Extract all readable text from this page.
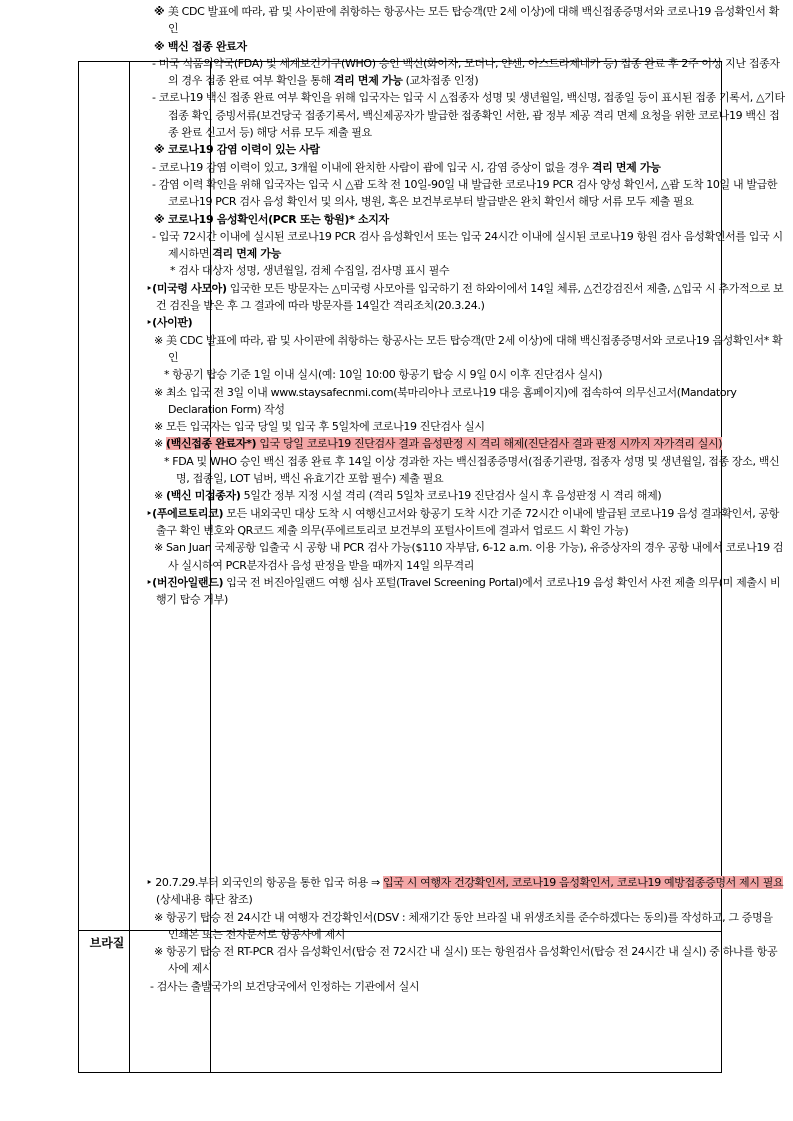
브라질

※ 美 CDC 발표에 따라, 괌 및 사이판에 취항하는 항공사는 모든 탑승객(만 2세 이상)에 대해 백신접종증명서와 코로나19 음성확인서 확인

※ 백신 접종 완료자

- 미국 식품의약국(FDA) 및 세계보건기구(WHO) 승인 백신(화이자, 모더나, 얀센, 아스트라제네카 등) 접종 완료 후 2주 이상 지난 접종자의 경우 접종 완료 여부 확인을 통해 격리 면제 가능 (교차접종 인정)

- 코로나19 백신 접종 완료 여부 확인을 위해 입국자는 입국 시 △접종자 성명 및 생년월일, 백신명, 접종일 등이 표시된 접종 기록서, △기타 접종 확인 증빙서류(보건당국 접종기록서, 백신제공자가 발급한 접종확인 서한, 괌 정부 제공 격리 면제 요청을 위한 코로나19 백신 접종 완료 신고서 등) 해당 서류 모두 제출 필요

※ 코로나19 감염 이력이 있는 사람

- 코로나19 감염 이력이 있고, 3개월 이내에 완치한 사람이 괌에 입국 시, 감염 증상이 없을 경우 격리 면제 가능

- 감염 이력 확인을 위해 입국자는 입국 시 △괌 도착 전 10일-90일 내 발급한 코로나19 PCR 검사 양성 확인서, △괌 도착 10일 내 발급한 코로나19 PCR 검사 음성 확인서 및 의사, 병원, 혹은 보건부로부터 발급받은 완치 확인서 해당 서류 모두 제출 필요

※ 코로나19 음성확인서(PCR 또는 항원)* 소지자

- 입국 72시간 이내에 실시된 코로나19 PCR 검사 음성확인서 또는 입국 24시간 이내에 실시된 코로나19 항원 검사 음성확인서를 입국 시 제시하면 격리 면제 가능

* 검사 대상자 성명, 생년월일, 검체 수집일, 검사명 표시 필수

‣(미국령 사모아) 입국한 모든 방문자는 △미국령 사모아를 입국하기 전 하와이에서 14일 체류, △건강검진서 제출, △입국 시 추가적으로 보건 검진을 받은 후 그 결과에 따라 방문자를 14일간 격리조치(20.3.24.)

‣(사이판)

※ 美 CDC 발표에 따라, 괌 및 사이판에 취항하는 항공사는 모든 탑승객(만 2세 이상)에 대해 백신접종증명서와 코로나19 음성확인서* 확인

* 항공기 탑승 기준 1일 이내 실시(예: 10일 10:00 항공기 탑승 시 9일 0시 이후 진단검사 실시)

※ 최소 입국 전 3일 이내 www.staysafecnmi.com(북마리아나 코로나19 대응 홈페이지)에 접속하여 의무신고서(Mandatory Declaration Form) 작성

※ 모든 입국자는 입국 당일 및 입국 후 5일차에 코로나19 진단검사 실시

※ (백신접종 완료자*) 입국 당일 코로나19 진단검사 결과 음성판정 시 격리 해제(진단검사 결과 판정 시까지 자가격리 실시)

* FDA 및 WHO 승인 백신 접종 완료 후 14일 이상 경과한 자는 백신접종증명서(접종기관명, 접종자 성명 및 생년월일, 접종 장소, 백신명, 접종일, LOT 넘버, 백신 유효기간 포함 필수) 제출 필요

※ (백신 미접종자) 5일간 정부 지정 시설 격리 (격리 5일차 코로나19 진단검사 실시 후 음성판정 시 격리 해제)

‣(푸에르토리코) 모든 내외국민 대상 도착 시 여행신고서와 항공기 도착 시간 기준 72시간 이내에 발급된 코로나19 음성 결과확인서, 공항 출구 확인 번호와 QR코드 제출 의무(푸에르토리코 보건부의 포털사이트에 결과서 업로드 시 확인 가능)

※ San Juan 국제공항 입출국 시 공항 내 PCR 검사 가능($110 자부담, 6-12 a.m. 이용 가능), 유증상자의 경우 공항 내에서 코로나19 검사 실시하여 PCR분자검사 음성 판정을 받을 때까지 14일 의무격리

‣(버진아일랜드) 입국 전 버진아일랜드 여행 심사 포털(Travel Screening Portal)에서 코로나19 음성 확인서 사전 제출 의무(미 제출시 비행기 탑승 거부)

‣ 20.7.29.부터 외국인의 항공을 통한 입국 허용 ⇒ 입국 시 여행자 건강확인서, 코로나19 음성확인서, 코로나19 예방접종증명서 제시 필요(상세내용 하단 참조)

※ 항공기 탑승 전 24시간 내 여행자 건강확인서(DSV : 체재기간 동안 브라질 내 위생조치를 준수하겠다는 동의)를 작성하고, 그 증명을 인쇄본 또는 전자문서로 항공사에 제시

※ 항공기 탑승 전 RT-PCR 검사 음성확인서(탑승 전 72시간 내 실시) 또는 항원검사 음성확인서(탑승 전 24시간 내 실시) 중 하나를 항공사에 제시

- 검사는 출발국가의 보건당국에서 인정하는 기관에서 실시
